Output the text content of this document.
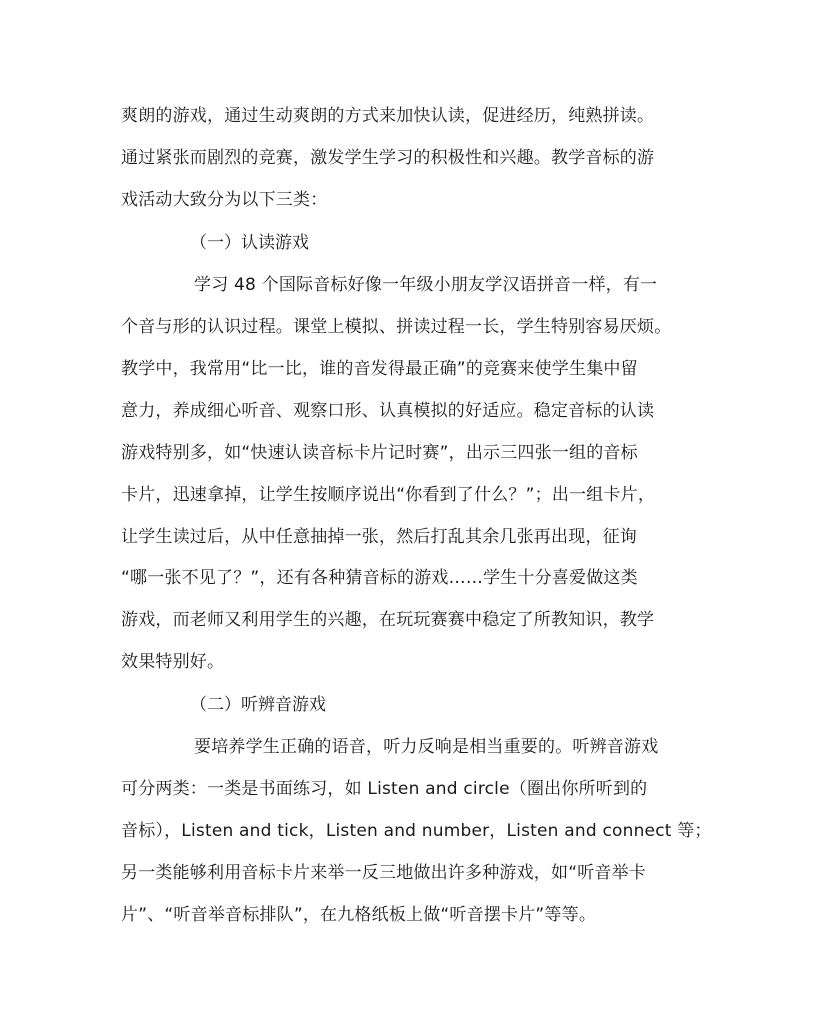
爽朗的游戏，通过生动爽朗的方式来加快认读，促进经历，纯熟拼读。
通过紧张而剧烈的竞赛，激发学生学习的积极性和兴趣。教学音标的游
戏活动大致分为以下三类：
（一）认读游戏
学习 48 个国际音标好像一年级小朋友学汉语拼音一样，有一
个音与形的认识过程。课堂上模拟、拼读过程一长，学生特别容易厌烦。
教学中，我常用“比一比，谁的音发得最正确”的竞赛来使学生集中留
意力，养成细心听音、观察口形、认真模拟的好适应。稳定音标的认读
游戏特别多，如“快速认读音标卡片记时赛”，出示三四张一组的音标
卡片，迅速拿掉，让学生按顺序说出“你看到了什么？”；出一组卡片，
让学生读过后，从中任意抽掉一张，然后打乱其余几张再出现，征询
“哪一张不见了？”，还有各种猜音标的游戏……学生十分喜爱做这类
游戏，而老师又利用学生的兴趣，在玩玩赛赛中稳定了所教知识，教学
效果特别好。
（二）听辨音游戏
要培养学生正确的语音，听力反响是相当重要的。听辨音游戏
可分两类：一类是书面练习，如 Listen and circle（圈出你所听到的
音标），Listen and tick，Listen and number，Listen and connect 等；
另一类能够利用音标卡片来举一反三地做出许多种游戏，如“听音举卡
片”、“听音举音标排队”，在九格纸板上做“听音摆卡片”等等。
